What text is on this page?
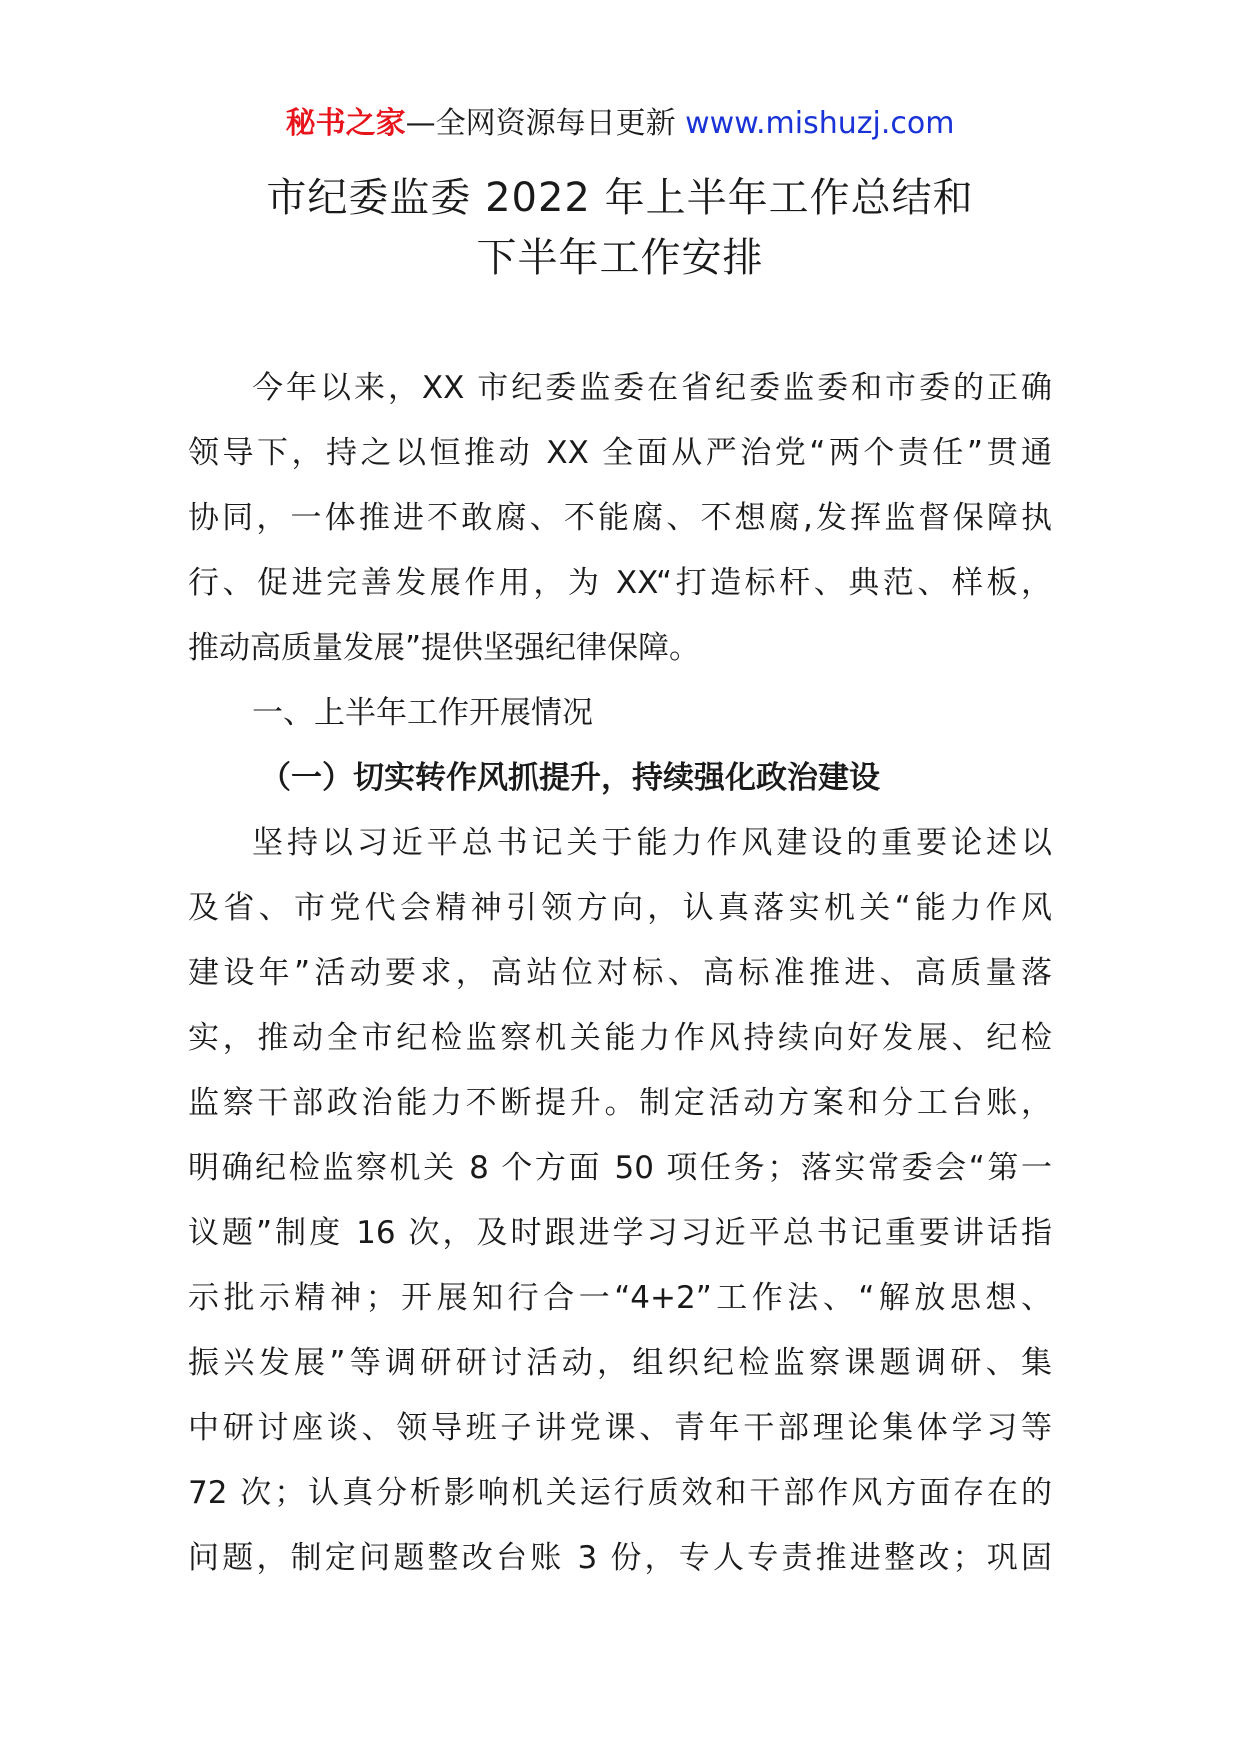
秘书之家—全网资源每日更新 www.mishuzj.com
市纪委监委 2022 年上半年工作总结和
下半年工作安排
今年以来，XX 市纪委监委在省纪委监委和市委的正确
领导下，持之以恒推动 XX 全面从严治党“两个责任”贯通
协同，一体推进不敢腐、不能腐、不想腐,发挥监督保障执
行、促进完善发展作用，为 XX“打造标杆、典范、样板，
推动高质量发展”提供坚强纪律保障。
一、上半年工作开展情况
（一）切实转作风抓提升，持续强化政治建设
坚持以习近平总书记关于能力作风建设的重要论述以
及省、市党代会精神引领方向，认真落实机关“能力作风
建设年”活动要求，高站位对标、高标准推进、高质量落
实，推动全市纪检监察机关能力作风持续向好发展、纪检
监察干部政治能力不断提升。制定活动方案和分工台账，
明确纪检监察机关 8 个方面 50 项任务；落实常委会“第一
议题”制度 16 次，及时跟进学习习近平总书记重要讲话指
示批示精神；开展知行合一“4+2”工作法、“解放思想、
振兴发展”等调研研讨活动，组织纪检监察课题调研、集
中研讨座谈、领导班子讲党课、青年干部理论集体学习等
72 次；认真分析影响机关运行质效和干部作风方面存在的
问题，制定问题整改台账 3 份，专人专责推进整改；巩固
